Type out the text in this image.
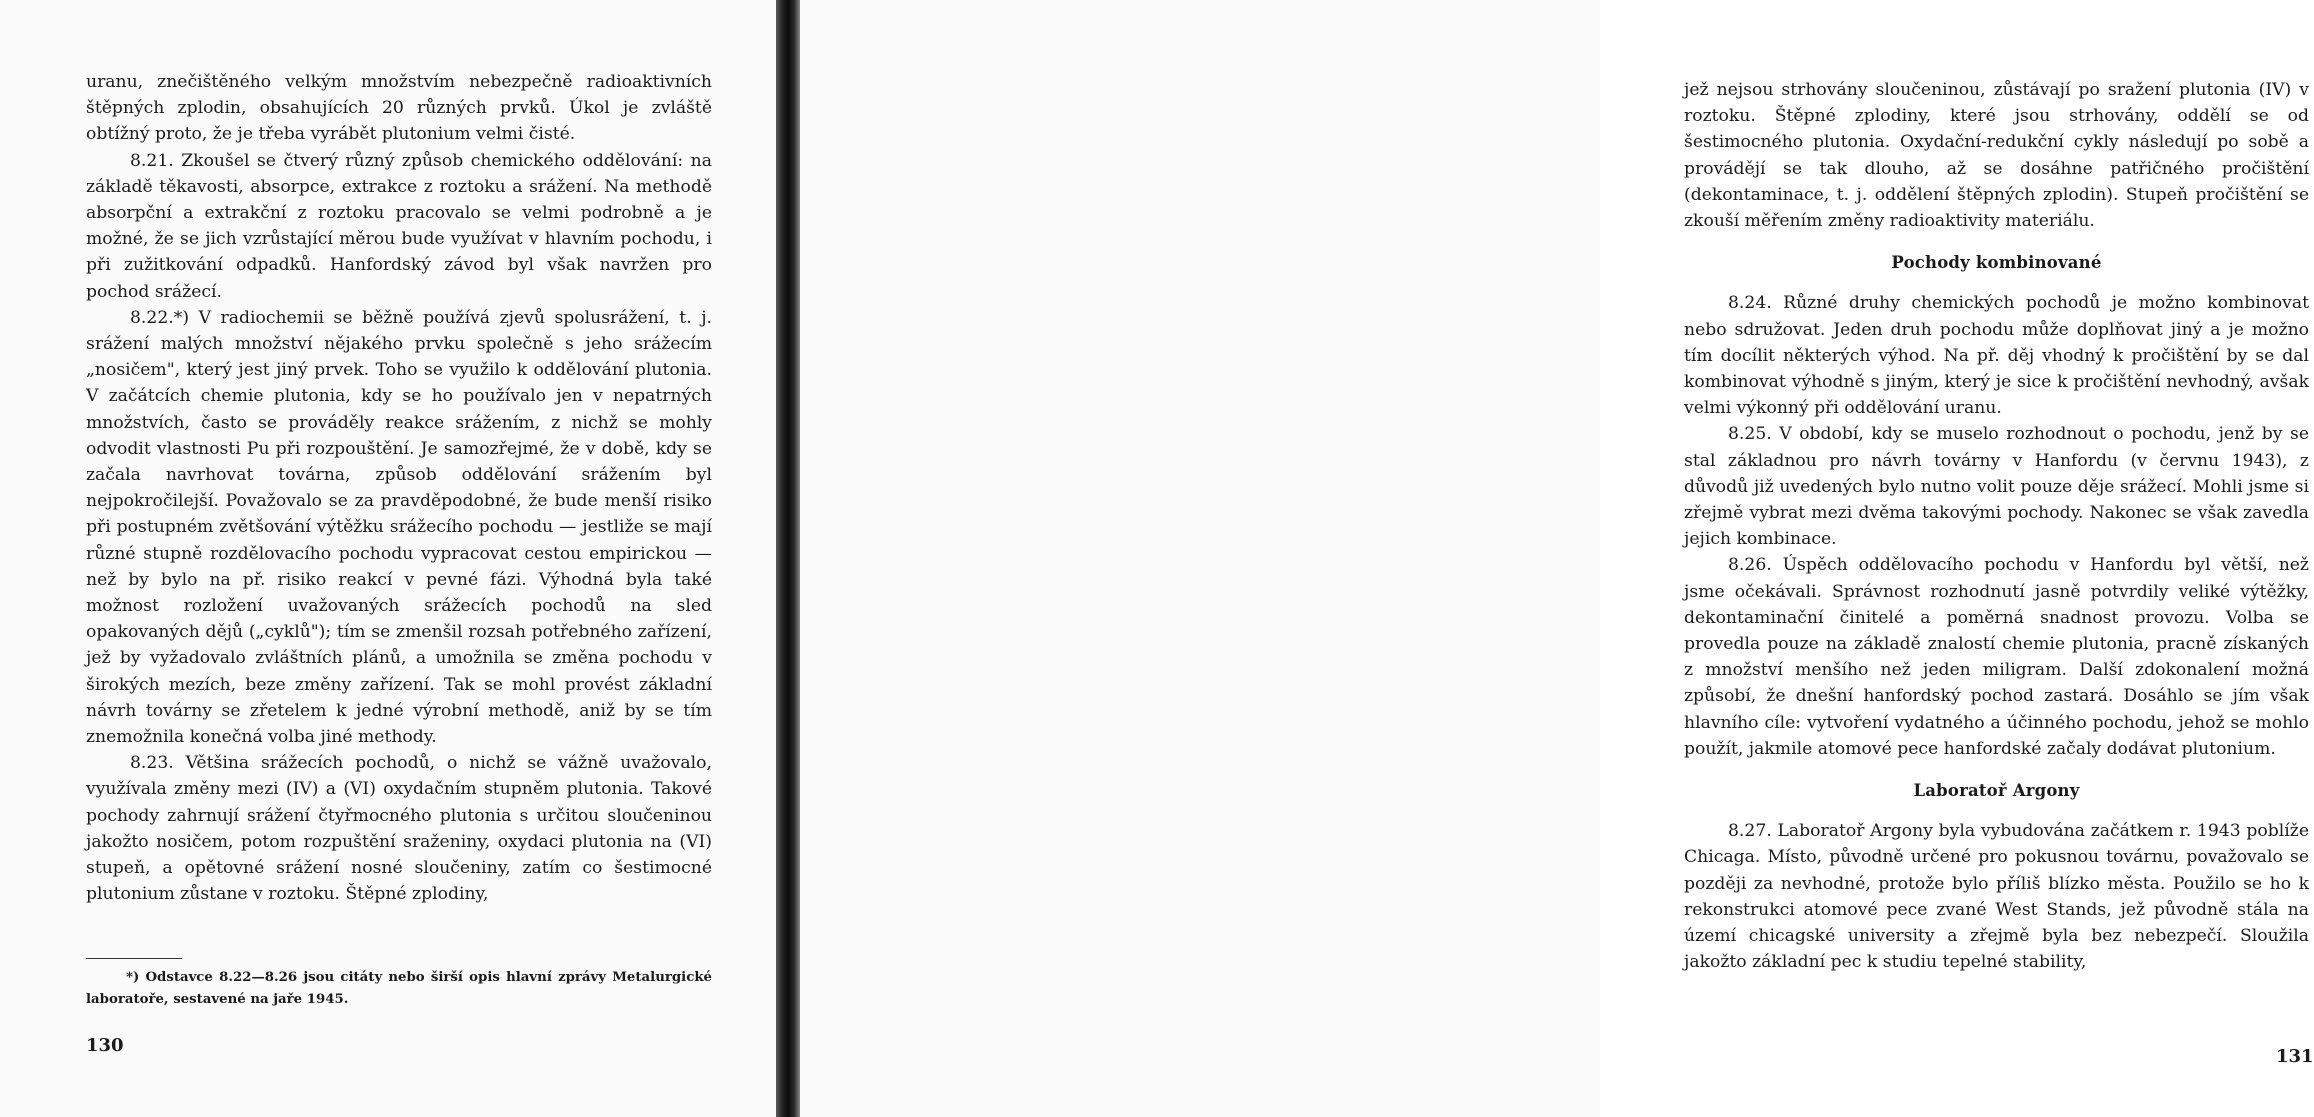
uranu, znečištěného velkým množstvím nebezpečně radioaktivních štěpných zplodin, obsahujících 20 různých prvků. Úkol je zvláště obtížný proto, že je třeba vyrábět plutonium velmi čisté.

8.21. Zkoušel se čtverý různý způsob chemického oddělování: na základě těkavosti, absorpce, extrakce z roztoku a srážení. Na methodě absorpční a extrakční z roztoku pracovalo se velmi podrobně a je možné, že se jich vzrůstající měrou bude využívat v hlavním pochodu, i při zužitkování odpadků. Hanfordský závod byl však navržen pro pochod srážecí.

8.22.*) V radiochemii se běžně používá zjevů spolusrážení, t. j. srážení malých množství nějakého prvku společně s jeho srážecím „nosičem", který jest jiný prvek. Toho se využilo k oddělování plutonia. V začátcích chemie plutonia, kdy se ho používalo jen v nepatrných množstvích, často se prováděly reakce srážením, z nichž se mohly odvodit vlastnosti Pu při rozpouštění. Je samozřejmé, že v době, kdy se začala navrhovat továrna, způsob oddělování srážením byl nejpokročilejší. Považovalo se za pravděpodobné, že bude menší risiko při postupném zvětšování výtěžku srážecího pochodu — jestliže se mají různé stupně rozdělovacího pochodu vypracovat cestou empirickou — než by bylo na př. risiko reakcí v pevné fázi. Výhodná byla také možnost rozložení uvažovaných srážecích pochodů na sled opakovaných dějů („cyklů"); tím se zmenšil rozsah potřebného zařízení, jež by vyžadovalo zvláštních plánů, a umožnila se změna pochodu v širokých mezích, beze změny zařízení. Tak se mohl provést základní návrh továrny se zřetelem k jedné výrobní methodě, aniž by se tím znemožnila konečná volba jiné methody.

8.23. Většina srážecích pochodů, o nichž se vážně uvažovalo, využívala změny mezi (IV) a (VI) oxydačním stupněm plutonia. Takové pochody zahrnují srážení čtyřmocného plutonia s určitou sloučeninou jakožto nosičem, potom rozpuštění sraženiny, oxydaci plutonia na (VI) stupeň, a opětovné srážení nosné sloučeniny, zatím co šestimocné plutonium zůstane v roztoku. Štěpné zplodiny,

*) Odstavce 8.22—8.26 jsou citáty nebo širší opis hlavní zprávy Metalurgické laboratoře, sestavené na jaře 1945.
130

jež nejsou strhovány sloučeninou, zůstávají po sražení plutonia (IV) v roztoku. Štěpné zplodiny, které jsou strhovány, oddělí se od šestimocného plutonia. Oxydační-redukční cykly následují po sobě a provádějí se tak dlouho, až se dosáhne patřičného pročištění (dekontaminace, t. j. oddělení štěpných zplodin). Stupeň pročištění se zkouší měřením změny radioaktivity materiálu.

Pochody kombinované

8.24. Různé druhy chemických pochodů je možno kombinovat nebo sdružovat. Jeden druh pochodu může doplňovat jiný a je možno tím docílit některých výhod. Na př. děj vhodný k pročištění by se dal kombinovat výhodně s jiným, který je sice k pročištění nevhodný, avšak velmi výkonný při oddělování uranu.

8.25. V období, kdy se muselo rozhodnout o pochodu, jenž by se stal základnou pro návrh továrny v Hanfordu (v červnu 1943), z důvodů již uvedených bylo nutno volit pouze děje srážecí. Mohli jsme si zřejmě vybrat mezi dvěma takovými pochody. Nakonec se však zavedla jejich kombinace.

8.26. Úspěch oddělovacího pochodu v Hanfordu byl větší, než jsme očekávali. Správnost rozhodnutí jasně potvrdily veliké výtěžky, dekontaminační činitelé a poměrná snadnost provozu. Volba se provedla pouze na základě znalostí chemie plutonia, pracně získaných z množství menšího než jeden miligram. Další zdokonalení možná způsobí, že dnešní hanfordský pochod zastará. Dosáhlo se jím však hlavního cíle: vytvoření vydatného a účinného pochodu, jehož se mohlo použít, jakmile atomové pece hanfordské začaly dodávat plutonium.

Laboratoř Argony

8.27. Laboratoř Argony byla vybudována začátkem r. 1943 poblíže Chicaga. Místo, původně určené pro pokusnou továrnu, považovalo se později za nevhodné, protože bylo příliš blízko města. Použilo se ho k rekonstrukci atomové pece zvané West Stands, jež původně stála na území chicagské university a zřejmě byla bez nebezpečí. Sloužila jakožto základní pec k studiu tepelné stability,

131
